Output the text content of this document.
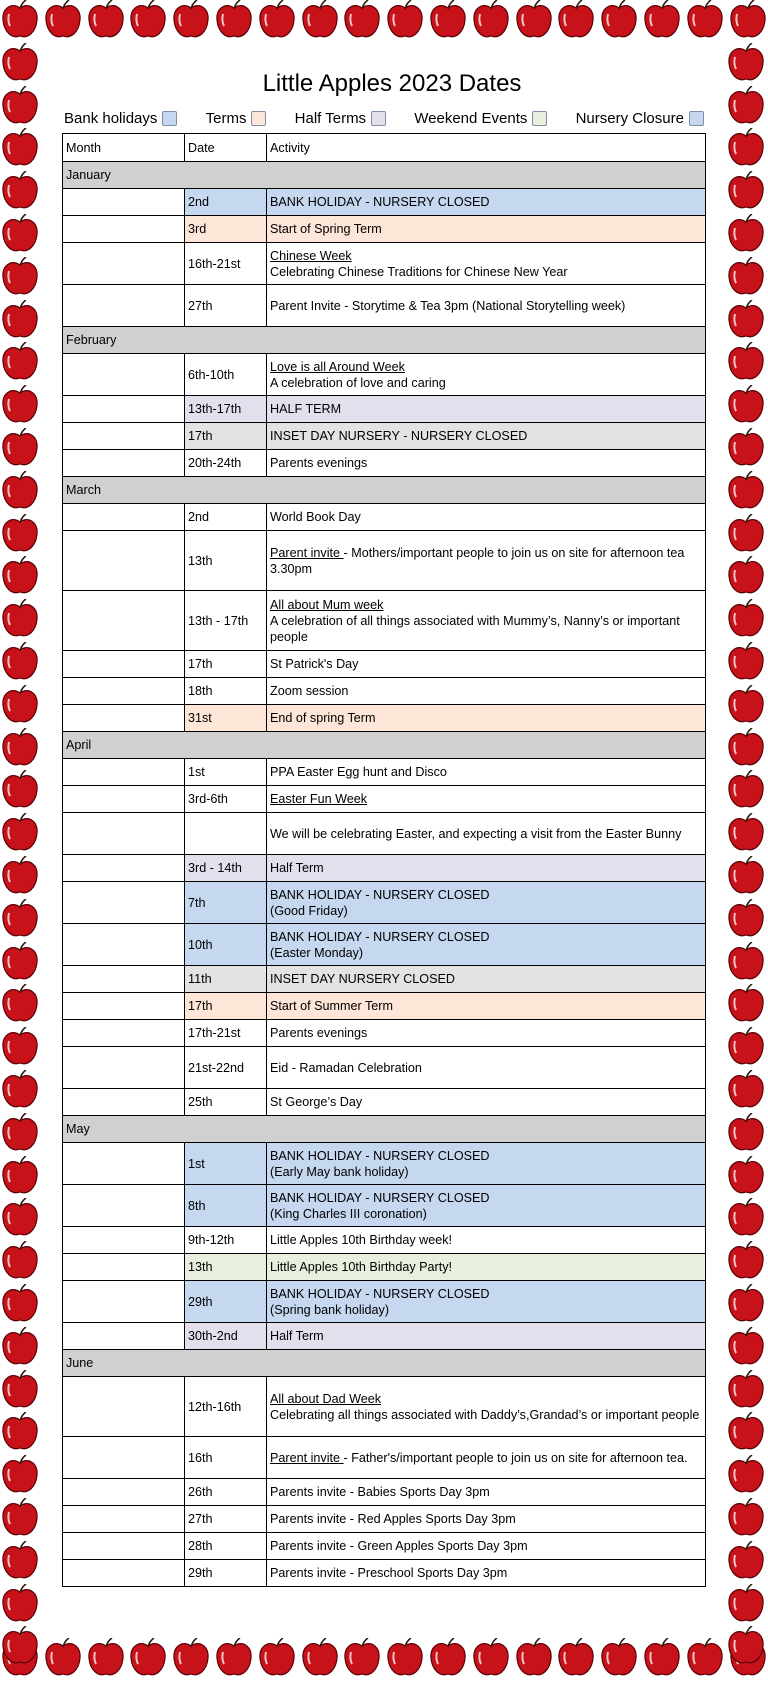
Little Apples 2023 Dates
Bank holidays	Terms	Half Terms	Weekend Events	Nursery Closure
Month	Date	Activity
January		
	2nd	BANK HOLIDAY - NURSERY CLOSED

	3rd	Start of Spring Term

	16th-21st	Chinese Week
Celebrating Chinese Traditions for Chinese New Year

	27th	Parent Invite - Storytime & Tea 3pm (National Storytelling week)

February		
	6th-10th	Love is all Around Week
A celebration of love and caring

	13th-17th	HALF TERM

	17th	INSET DAY NURSERY - NURSERY CLOSED

	20th-24th	Parents evenings

March		
	2nd	World Book Day

	13th	Parent invite - Mothers/important people to join us on site for afternoon tea 3.30pm
	13th - 17th	All about Mum week
A celebration of all things associated with Mummy’s, Nanny’s or important people

	17th	St Patrick's Day

	18th	Zoom session

	31st	End of spring Term

April		
	1st	PPA Easter Egg hunt and Disco

	3rd-6th	Easter Fun Week

		We will be celebrating Easter, and expecting a visit from the Easter Bunny

	3rd - 14th	Half Term

	7th	BANK HOLIDAY - NURSERY CLOSED
(Good Friday)

	10th	BANK HOLIDAY - NURSERY CLOSED
(Easter Monday)

	11th	INSET DAY NURSERY CLOSED

	17th	Start of Summer Term

	17th-21st	Parents evenings

	21st-22nd	Eid - Ramadan Celebration

	25th	St George’s Day

May		
	1st	BANK HOLIDAY - NURSERY CLOSED
(Early May bank holiday)

	8th	BANK HOLIDAY - NURSERY CLOSED
(King Charles III coronation)

	9th-12th	Little Apples 10th Birthday week!

	13th	Little Apples 10th Birthday Party!

	29th	BANK HOLIDAY - NURSERY CLOSED
(Spring bank holiday)

	30th-2nd	Half Term

June		
	12th-16th	All about Dad Week
Celebrating all things associated with Daddy’s,Grandad’s or important people

	16th	Parent invite - Father's/important people to join us on site for afternoon tea.
	26th	Parents invite - Babies Sports Day 3pm

	27th	Parents invite - Red Apples Sports Day 3pm

	28th	Parents invite - Green Apples Sports Day 3pm

	29th	Parents invite - Preschool Sports Day 3pm
